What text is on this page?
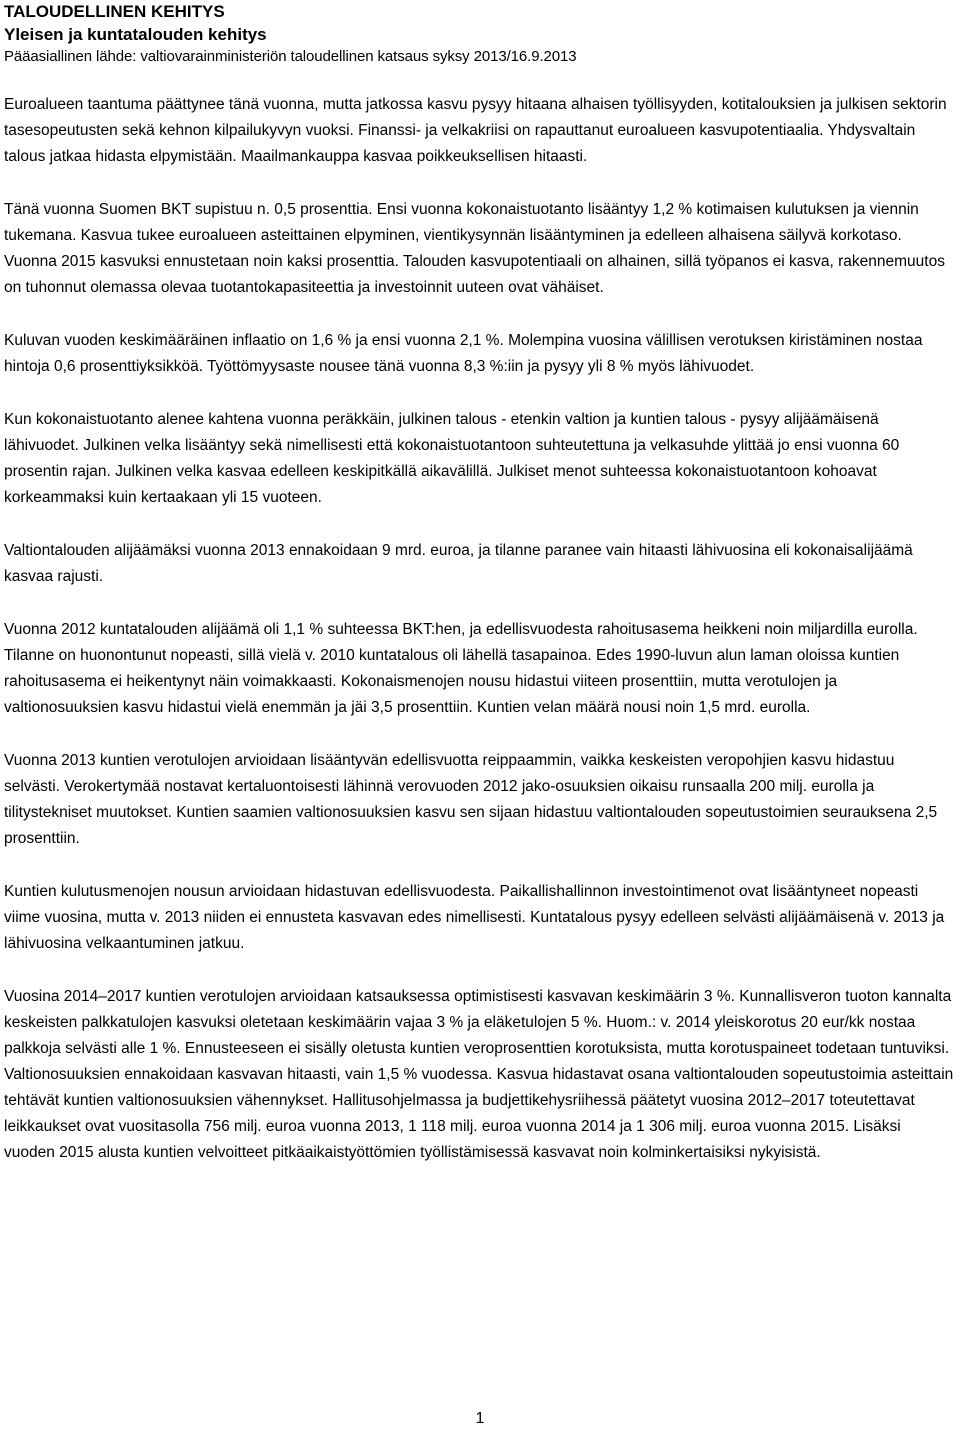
TALOUDELLINEN KEHITYS
Yleisen ja kuntatalouden kehitys
Pääasiallinen lähde: valtiovarainministeriön taloudellinen katsaus syksy 2013/16.9.2013

Euroalueen taantuma päättynee tänä vuonna, mutta jatkossa kasvu pysyy hitaana alhaisen työllisyyden, kotitalouksien ja julkisen sektorin tasesopeutusten sekä kehnon kilpailukyvyn vuoksi. Finanssi- ja velkakriisi on rapauttanut euroalueen kasvupotentiaalia. Yhdysvaltain talous jatkaa hidasta elpymistään. Maailmankauppa kasvaa poikkeuksellisen hitaasti.

Tänä vuonna Suomen BKT supistuu n. 0,5 prosenttia. Ensi vuonna kokonaistuotanto lisääntyy 1,2 % kotimaisen kulutuksen ja viennin tukemana. Kasvua tukee euroalueen asteittainen elpyminen, vientikysynnän lisääntyminen ja edelleen alhaisena säilyvä korkotaso. Vuonna 2015 kasvuksi ennustetaan noin kaksi prosenttia. Talouden kasvupotentiaali on alhainen, sillä työpanos ei kasva, rakennemuutos on tuhonnut olemassa olevaa tuotantokapasiteettia ja investoinnit uuteen ovat vähäiset.

Kuluvan vuoden keskimääräinen inflaatio on 1,6 % ja ensi vuonna 2,1 %. Molempina vuosina välillisen verotuksen kiristäminen nostaa hintoja 0,6 prosenttiyksikköä. Työttömyysaste nousee tänä vuonna 8,3 %:iin ja pysyy yli 8 % myös lähivuodet.

Kun kokonaistuotanto alenee kahtena vuonna peräkkäin, julkinen talous - etenkin valtion ja kuntien talous - pysyy alijäämäisenä lähivuodet. Julkinen velka lisääntyy sekä nimellisesti että kokonaistuotantoon suhteutettuna ja velkasuhde ylittää jo ensi vuonna 60 prosentin rajan. Julkinen velka kasvaa edelleen keskipitkällä aikavälillä. Julkiset menot suhteessa kokonaistuotantoon kohoavat korkeammaksi kuin kertaakaan yli 15 vuoteen.

Valtiontalouden alijäämäksi vuonna 2013 ennakoidaan 9 mrd. euroa, ja tilanne paranee vain hitaasti lähivuosina eli kokonaisalijäämä kasvaa rajusti.

Vuonna 2012 kuntatalouden alijäämä oli 1,1 % suhteessa BKT:hen, ja edellisvuodesta rahoitusasema heikkeni noin miljardilla eurolla. Tilanne on huonontunut nopeasti, sillä vielä v. 2010 kuntatalous oli lähellä tasapainoa. Edes 1990-luvun alun laman oloissa kuntien rahoitusasema ei heikentynyt näin voimakkaasti. Kokonaismenojen nousu hidastui viiteen prosenttiin, mutta verotulojen ja valtionosuuksien kasvu hidastui vielä enemmän ja jäi 3,5 prosenttiin. Kuntien velan määrä nousi noin 1,5 mrd. eurolla.

Vuonna 2013 kuntien verotulojen arvioidaan lisääntyvän edellisvuotta reippaammin, vaikka keskeisten veropohjien kasvu hidastuu selvästi. Verokertymää nostavat kertaluontoisesti lähinnä verovuoden 2012 jako-osuuksien oikaisu runsaalla 200 milj. eurolla ja tilitystekniset muutokset. Kuntien saamien valtionosuuksien kasvu sen sijaan hidastuu valtiontalouden sopeutustoimien seurauksena 2,5 prosenttiin.

Kuntien kulutusmenojen nousun arvioidaan hidastuvan edellisvuodesta. Paikallishallinnon investointimenot ovat lisääntyneet nopeasti viime vuosina, mutta v. 2013 niiden ei ennusteta kasvavan edes nimellisesti. Kuntatalous pysyy edelleen selvästi alijäämäisenä v. 2013 ja lähivuosina velkaantuminen jatkuu.

Vuosina 2014–2017 kuntien verotulojen arvioidaan katsauksessa optimistisesti kasvavan keskimäärin 3 %. Kunnallisveron tuoton kannalta keskeisten palkkatulojen kasvuksi oletetaan keskimäärin vajaa 3 % ja eläketulojen 5 %. Huom.: v. 2014 yleiskorotus 20 eur/kk nostaa palkkoja selvästi alle 1 %. Ennusteeseen ei sisälly oletusta kuntien veroprosenttien korotuksista, mutta korotuspaineet todetaan tuntuviksi. Valtionosuuksien ennakoidaan kasvavan hitaasti, vain 1,5 % vuodessa. Kasvua hidastavat osana valtiontalouden sopeutustoimia asteittain tehtävät kuntien valtionosuuksien vähennykset. Hallitusohjelmassa ja budjettikehysriihessä päätetyt vuosina 2012–2017 toteutettavat leikkaukset ovat vuositasolla 756 milj. euroa vuonna 2013, 1 118 milj. euroa vuonna 2014 ja 1 306 milj. euroa vuonna 2015. Lisäksi vuoden 2015 alusta kuntien velvoitteet pitkäaikaistyöttömien työllistämisessä kasvavat noin kolminkertaisiksi nykyisistä.

1
